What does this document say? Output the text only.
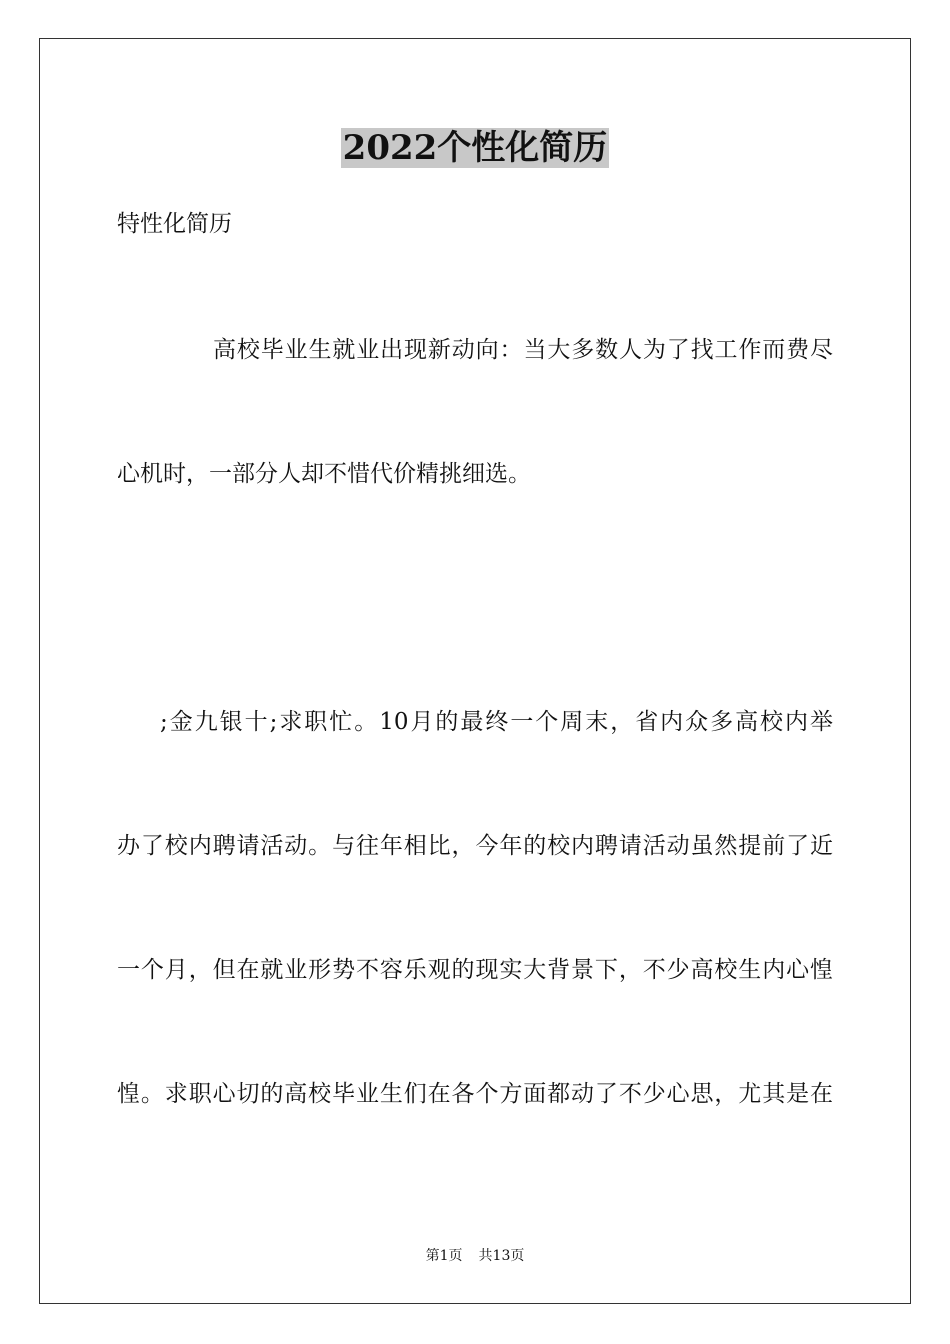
2022个性化简历

特性化简历

高校毕业生就业出现新动向：当大多数人为了找工作而费尽

心机时，一部分人却不惜代价精挑细选。

;金九银十;求职忙。10月的最终一个周末，省内众多高校内举

办了校内聘请活动。与往年相比，今年的校内聘请活动虽然提前了近

一个月，但在就业形势不容乐观的现实大背景下，不少高校生内心惶

惶。求职心切的高校毕业生们在各个方面都动了不少心思，尤其是在

第1页 共13页
